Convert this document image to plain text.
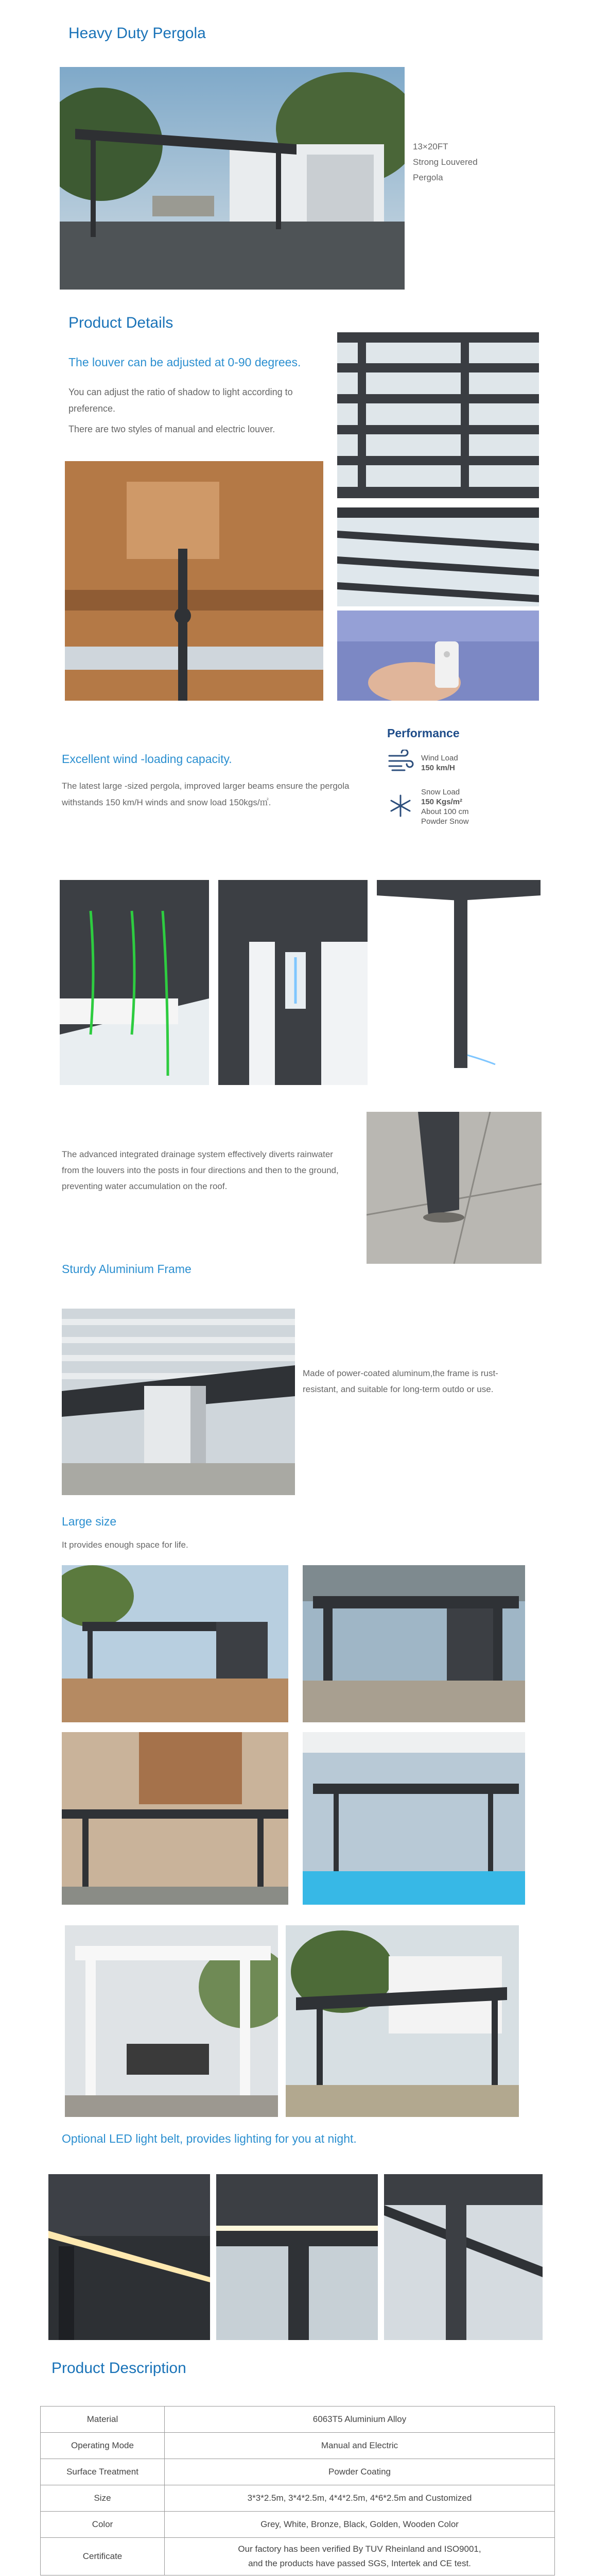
Heavy Duty Pergola
13×20FT
Strong Louvered
Pergola
Product Details
The louver can be adjusted at 0-90 degrees.
You can adjust the ratio of shadow to light according to preference.
There are two styles of manual and electric louver.
Excellent wind -loading capacity.
The latest large -sized pergola, improved larger beams ensure the pergola withstands 150 km/H winds and snow load 150kgs/㎡.
Performance
Wind Load
150 km/H
Snow Load
150 Kgs/m²
About 100 cm
Powder Snow
The advanced integrated drainage system effectively diverts rainwater from the louvers into the posts in four directions and then to the ground, preventing water accumulation on the roof.
Sturdy Aluminium Frame
Made of power-coated aluminum,the frame is rust-resistant, and suitable for long-term outdo or use.
Large size
It provides enough space for life.
Optional LED light belt, provides lighting for you at night.
Product Description
Material	6063T5 Aluminium Alloy
Operating Mode	Manual and Electric
Surface Treatment	Powder Coating
Size	3*3*2.5m, 3*4*2.5m, 4*4*2.5m, 4*6*2.5m and Customized
Color	Grey, White, Bronze, Black, Golden, Wooden Color
Certificate	Our factory has been verified By TUV Rheinland and ISO9001,
and the products have passed SGS, Intertek and CE test.
